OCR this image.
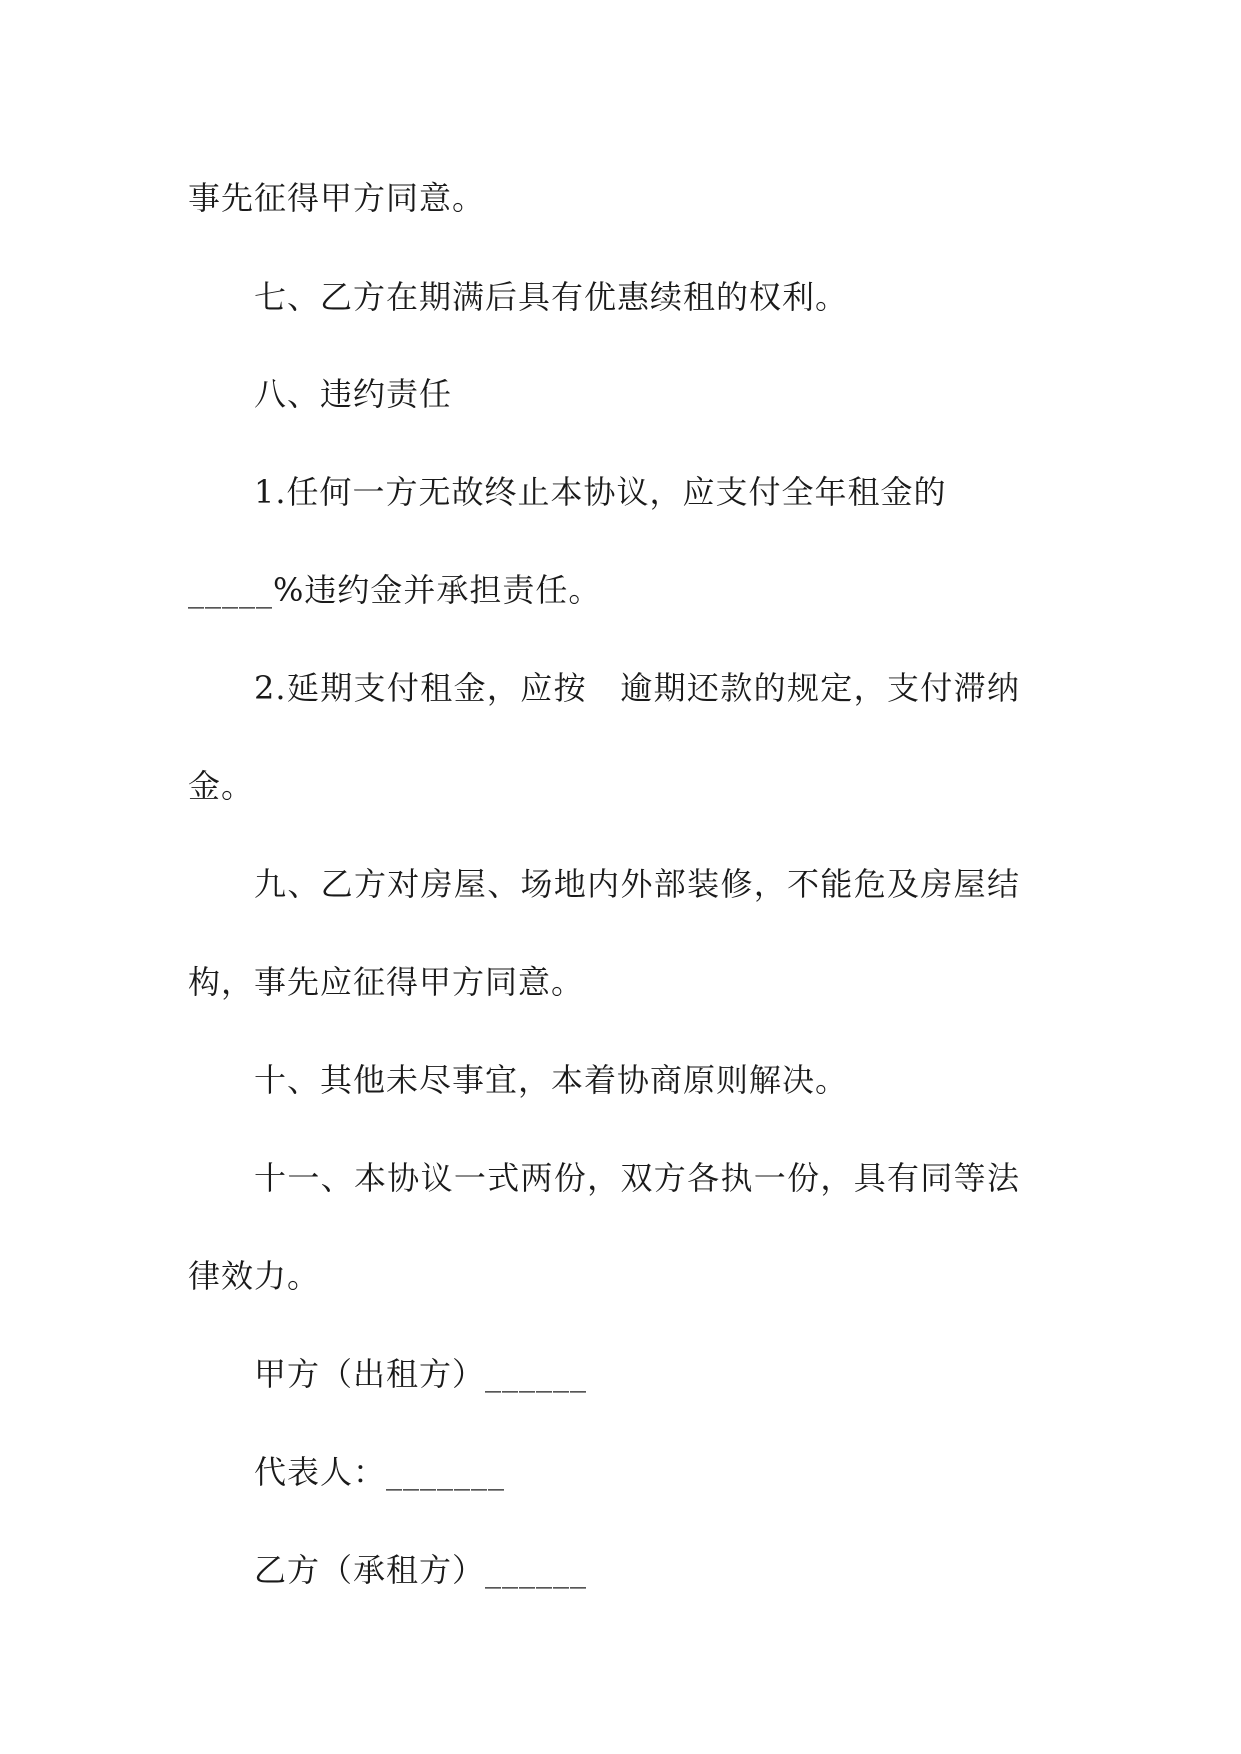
事先征得甲方同意。
七、乙方在期满后具有优惠续租的权利。
八、违约责任
1.任何一方无故终止本协议，应支付全年租金的
_____%违约金并承担责任。
2.延期支付租金，应按　逾期还款的规定，支付滞纳
金。
九、乙方对房屋、场地内外部装修，不能危及房屋结
构，事先应征得甲方同意。
十、其他未尽事宜，本着协商原则解决。
十一、本协议一式两份，双方各执一份，具有同等法
律效力。
甲方（出租方）______
代表人：_______
乙方（承租方）______
